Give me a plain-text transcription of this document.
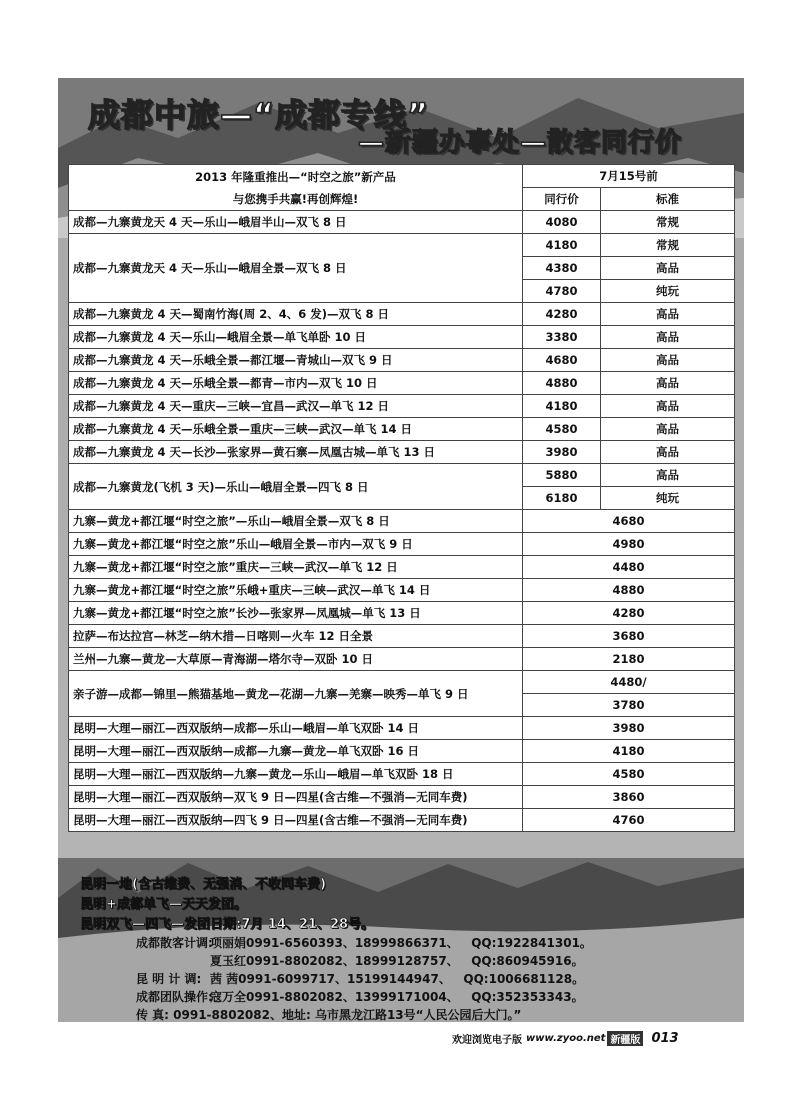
成都中旅—“成都专线”
—新疆办事处—散客同行价
2013 年隆重推出—“时空之旅”新产品
与您携手共赢!再创辉煌!	7月15号前	
	同行价	标准
成都—九寨黄龙天 4 天—乐山—峨眉半山—双飞 8 日	4080	常规
成都—九寨黄龙天 4 天—乐山—峨眉全景—双飞 8 日	4180	常规
	4380	高品
	4780	纯玩
成都—九寨黄龙 4 天—蜀南竹海(周 2、4、6 发)—双飞 8 日	4280	高品
成都—九寨黄龙 4 天—乐山—峨眉全景—单飞单卧 10 日	3380	高品
成都—九寨黄龙 4 天—乐峨全景—都江堰—青城山—双飞 9 日	4680	高品
成都—九寨黄龙 4 天—乐峨全景—都青—市内—双飞 10 日	4880	高品
成都—九寨黄龙 4 天—重庆—三峡—宜昌—武汉—单飞 12 日	4180	高品
成都—九寨黄龙 4 天—乐峨全景—重庆—三峡—武汉—单飞 14 日	4580	高品
成都—九寨黄龙 4 天—长沙—张家界—黄石寨—凤凰古城—单飞 13 日	3980	高品
成都—九寨黄龙(飞机 3 天)—乐山—峨眉全景—四飞 8 日	5880	高品
	6180	纯玩
九寨—黄龙+都江堰“时空之旅”—乐山—峨眉全景—双飞 8 日	4680	
九寨—黄龙+都江堰“时空之旅”乐山—峨眉全景—市内—双飞 9 日	4980	
九寨—黄龙+都江堰“时空之旅”重庆—三峡—武汉—单飞 12 日	4480	
九寨—黄龙+都江堰“时空之旅”乐峨+重庆—三峡—武汉—单飞 14 日	4880	
九寨—黄龙+都江堰“时空之旅”长沙—张家界—凤凰城—单飞 13 日	4280	
拉萨—布达拉宫—林芝—纳木措—日喀则—火车 12 日全景	3680	
兰州—九寨—黄龙—大草原—青海湖—塔尔寺—双卧 10 日	2180	
亲子游—成都—锦里—熊猫基地—黄龙—花湖—九寨—羌寨—映秀—单飞 9 日	4480/	
	3780	
昆明—大理—丽江—西双版纳—成都—乐山—峨眉—单飞双卧 14 日	3980	
昆明—大理—丽江—西双版纳—成都—九寨—黄龙—单飞双卧 16 日	4180	
昆明—大理—丽江—西双版纳—九寨—黄龙—乐山—峨眉—单飞双卧 18 日	4580	
昆明—大理—丽江—西双版纳—双飞 9 日—四星(含古维—不强消—无同车费)	3860	
昆明—大理—丽江—西双版纳—四飞 9 日—四星(含古维—不强消—无同车费)	4760	
昆明一地(含古维费、无强消、不收同车费)
昆明+成都单飞—天天发团。
昆明双飞—四飞—发团日期:7月 14、21、28号。
成都散客计调:项丽娟0991-6560393、18999866371、 QQ:1922841301。
夏玉红0991-8802082、18999128757、 QQ:860945916。
昆 明 计 调: 茜 茜0991-6099717、15199144947、 QQ:1006681128。
成都团队操作:寇万全0991-8802082、13999171004、 QQ:352353343。
传 真: 0991-8802082、地址: 乌市黑龙江路13号“人民公园后大门。”
欢迎浏览电子版 www.zyoo.net 新疆版 013
